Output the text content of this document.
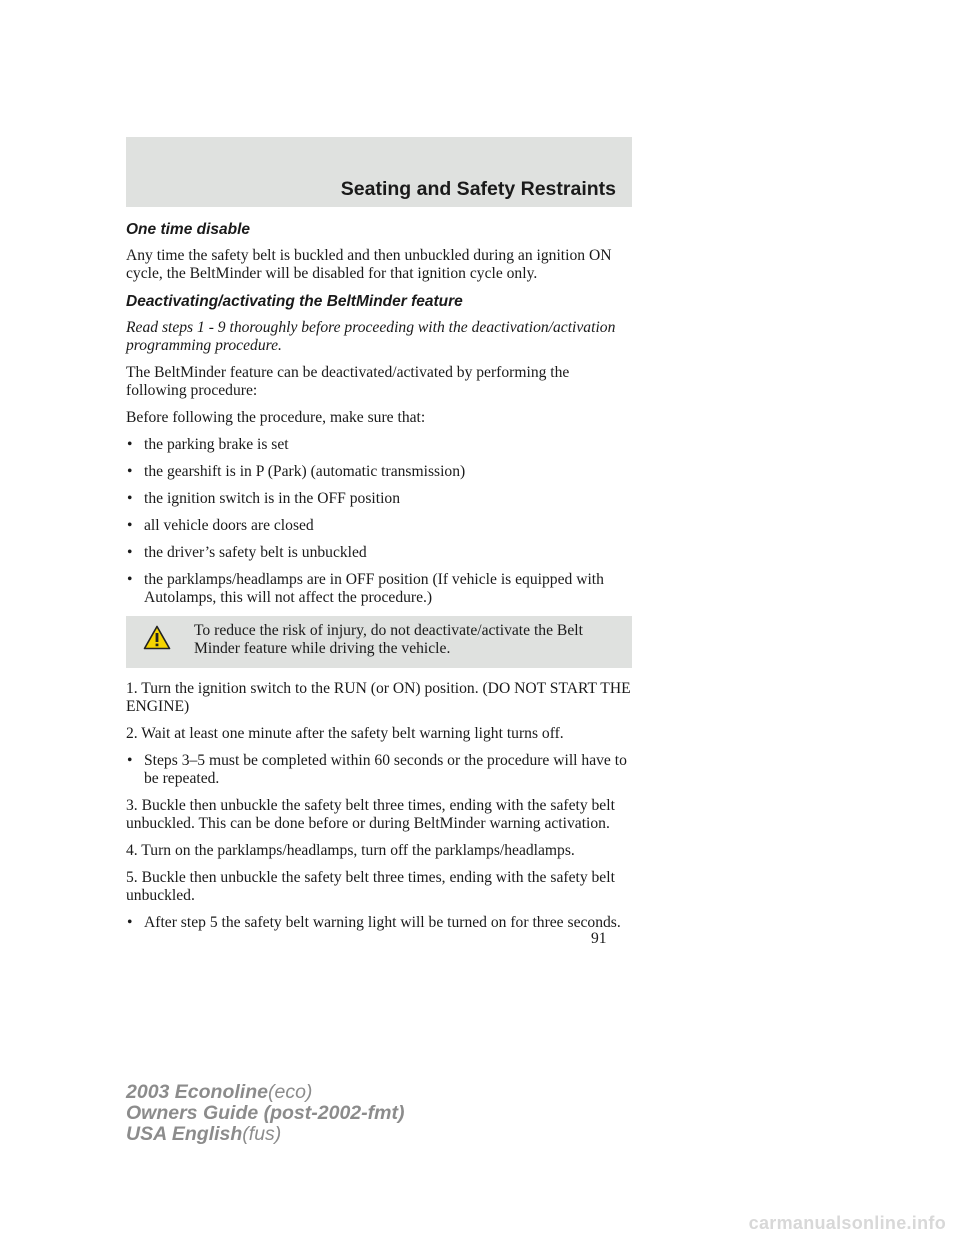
Seating and Safety Restraints
One time disable

Any time the safety belt is buckled and then unbuckled during an ignition ON cycle, the BeltMinder will be disabled for that ignition cycle only.

Deactivating/activating the BeltMinder feature

Read steps 1 - 9 thoroughly before proceeding with the deactivation/activation programming procedure.

The BeltMinder feature can be deactivated/activated by performing the following procedure:

Before following the procedure, make sure that:

• the parking brake is set
• the gearshift is in P (Park) (automatic transmission)
• the ignition switch is in the OFF position
• all vehicle doors are closed
• the driver’s safety belt is unbuckled
• the parklamps/headlamps are in OFF position (If vehicle is equipped with Autolamps, this will not affect the procedure.)
To reduce the risk of injury, do not deactivate/activate the Belt Minder feature while driving the vehicle.

1. Turn the ignition switch to the RUN (or ON) position. (DO NOT START THE ENGINE)

2. Wait at least one minute after the safety belt warning light turns off.

• Steps 3–5 must be completed within 60 seconds or the procedure will have to be repeated.

3. Buckle then unbuckle the safety belt three times, ending with the safety belt unbuckled. This can be done before or during BeltMinder warning activation.

4. Turn on the parklamps/headlamps, turn off the parklamps/headlamps.

5. Buckle then unbuckle the safety belt three times, ending with the safety belt unbuckled.

• After step 5 the safety belt warning light will be turned on for three seconds.
91
2003 Econoline(eco)
Owners Guide (post-2002-fmt)
USA English(fus)
carmanualsonline.info
